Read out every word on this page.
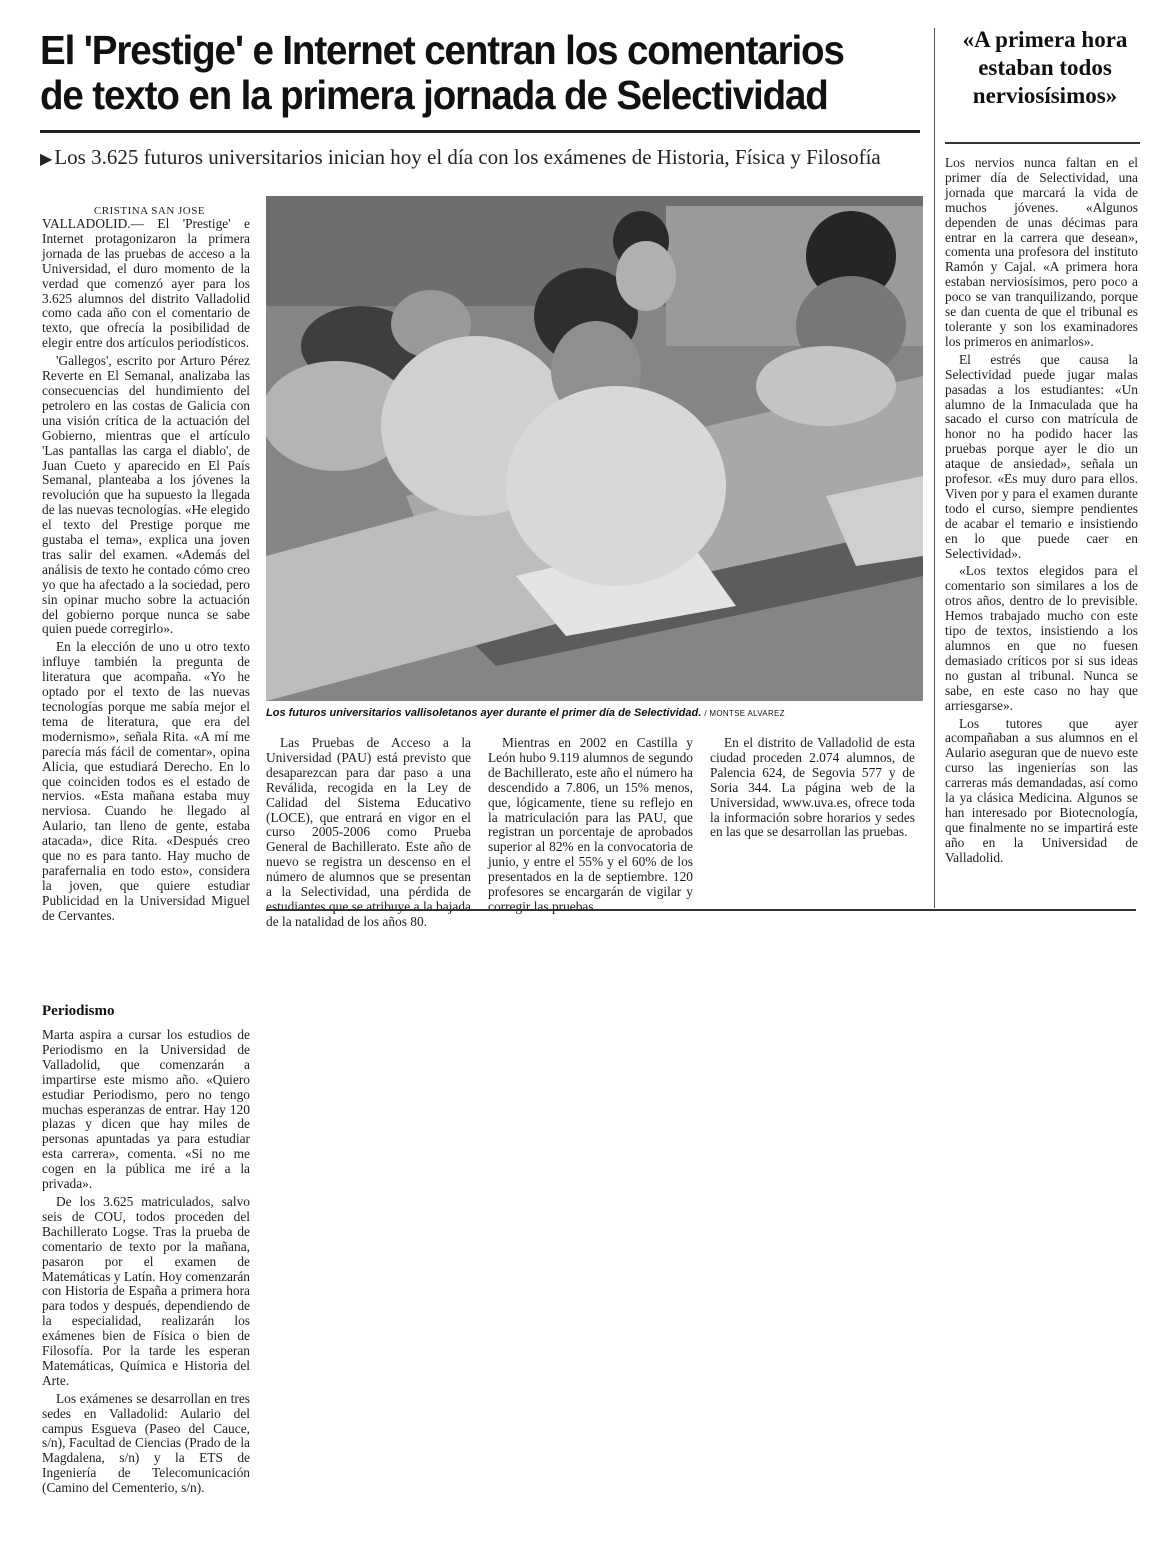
El 'Prestige' e Internet centran los comentarios
de texto en la primera jornada de Selectividad
▶Los 3.625 futuros universitarios inician hoy el día con los exámenes de Historia, Física y Filosofía
«A primera hora estaban todos nerviosísimos»
CRISTINA SAN JOSE

VALLADOLID.— El 'Prestige' e Internet protagonizaron la primera jornada de las pruebas de acceso a la Universidad, el duro momento de la verdad que comenzó ayer para los 3.625 alumnos del distrito Valladolid como cada año con el comentario de texto, que ofrecía la posibilidad de elegir entre dos artículos periodísticos.

'Gallegos', escrito por Arturo Pérez Reverte en El Semanal, analizaba las consecuencias del hundimiento del petrolero en las costas de Galicia con una visión crítica de la actuación del Gobierno, mientras que el artículo 'Las pantallas las carga el diablo', de Juan Cueto y aparecido en El País Semanal, planteaba a los jóvenes la revolución que ha supuesto la llegada de las nuevas tecnologías. «He elegido el texto del Prestige porque me gustaba el tema», explica una joven tras salir del examen. «Además del análisis de texto he contado cómo creo yo que ha afectado a la sociedad, pero sin opinar mucho sobre la actuación del gobierno porque nunca se sabe quien puede corregirlo».

En la elección de uno u otro texto influye también la pregunta de literatura que acompaña. «Yo he optado por el texto de las nuevas tecnologías porque me sabía mejor el tema de literatura, que era del modernismo», señala Rita. «A mí me parecía más fácil de comentar», opina Alicia, que estudiará Derecho. En lo que coinciden todos es el estado de nervios. «Esta mañana estaba muy nerviosa. Cuando he llegado al Aulario, tan lleno de gente, estaba atacada», dice Rita. «Después creo que no es para tanto. Hay mucho de parafernalia en todo esto», considera la joven, que quiere estudiar Publicidad en la Universidad Miguel de Cervantes.

Periodismo

Marta aspira a cursar los estudios de Periodismo en la Universidad de Valladolid, que comenzarán a impartirse este mismo año. «Quiero estudiar Periodismo, pero no tengo muchas esperanzas de entrar. Hay 120 plazas y dicen que hay miles de personas apuntadas ya para estudiar esta carrera», comenta. «Si no me cogen en la pública me iré a la privada».

De los 3.625 matriculados, salvo seis de COU, todos proceden del Bachillerato Logse. Tras la prueba de comentario de texto por la mañana, pasaron por el examen de Matemáticas y Latín. Hoy comenzarán con Historia de España a primera hora para todos y después, dependiendo de la especialidad, realizarán los exámenes bien de Física o bien de Filosofía. Por la tarde les esperan Matemáticas, Química e Historia del Arte.

Los exámenes se desarrollan en tres sedes en Valladolid: Aulario del campus Esgueva (Paseo del Cauce, s/n), Facultad de Ciencias (Prado de la Magdalena, s/n) y la ETS de Ingeniería de Telecomunicación (Camino del Cementerio, s/n).

Los futuros universitarios vallisoletanos ayer durante el primer día de Selectividad. / MONTSE ALVAREZ

Las Pruebas de Acceso a la Universidad (PAU) está previsto que desaparezcan para dar paso a una Reválida, recogida en la Ley de Calidad del Sistema Educativo (LOCE), que entrará en vigor en el curso 2005-2006 como Prueba General de Bachillerato. Este año de nuevo se registra un descenso en el número de alumnos que se presentan a la Selectividad, una pérdida de estudiantes que se atribuye a la bajada de la natalidad de los años 80.

Mientras en 2002 en Castilla y León hubo 9.119 alumnos de segundo de Bachillerato, este año el número ha descendido a 7.806, un 15% menos, que, lógicamente, tiene su reflejo en la matriculación para las PAU, que registran un porcentaje de aprobados superior al 82% en la convocatoria de junio, y entre el 55% y el 60% de los presentados en la de septiembre. 120 profesores se encargarán de vigilar y corregir las pruebas.

En el distrito de Valladolid de esta ciudad proceden 2.074 alumnos, de Palencia 624, de Segovia 577 y de Soria 344. La página web de la Universidad, www.uva.es, ofrece toda la información sobre horarios y sedes en las que se desarrollan las pruebas.

Los nervios nunca faltan en el primer día de Selectividad, una jornada que marcará la vida de muchos jóvenes. «Algunos dependen de unas décimas para entrar en la carrera que desean», comenta una profesora del instituto Ramón y Cajal. «A primera hora estaban nerviosísimos, pero poco a poco se van tranquilizando, porque se dan cuenta de que el tribunal es tolerante y son los examinadores los primeros en animarlos».

El estrés que causa la Selectividad puede jugar malas pasadas a los estudiantes: «Un alumno de la Inmaculada que ha sacado el curso con matrícula de honor no ha podido hacer las pruebas porque ayer le dio un ataque de ansiedad», señala un profesor. «Es muy duro para ellos. Viven por y para el examen durante todo el curso, siempre pendientes de acabar el temario e insistiendo en lo que puede caer en Selectividad».

«Los textos elegidos para el comentario son similares a los de otros años, dentro de lo previsible. Hemos trabajado mucho con este tipo de textos, insistiendo a los alumnos en que no fuesen demasiado críticos por si sus ideas no gustan al tribunal. Nunca se sabe, en este caso no hay que arriesgarse».

Los tutores que ayer acompañaban a sus alumnos en el Aulario aseguran que de nuevo este curso las ingenierías son las carreras más demandadas, así como la ya clásica Medicina. Algunos se han interesado por Biotecnología, que finalmente no se impartirá este año en la Universidad de Valladolid.
